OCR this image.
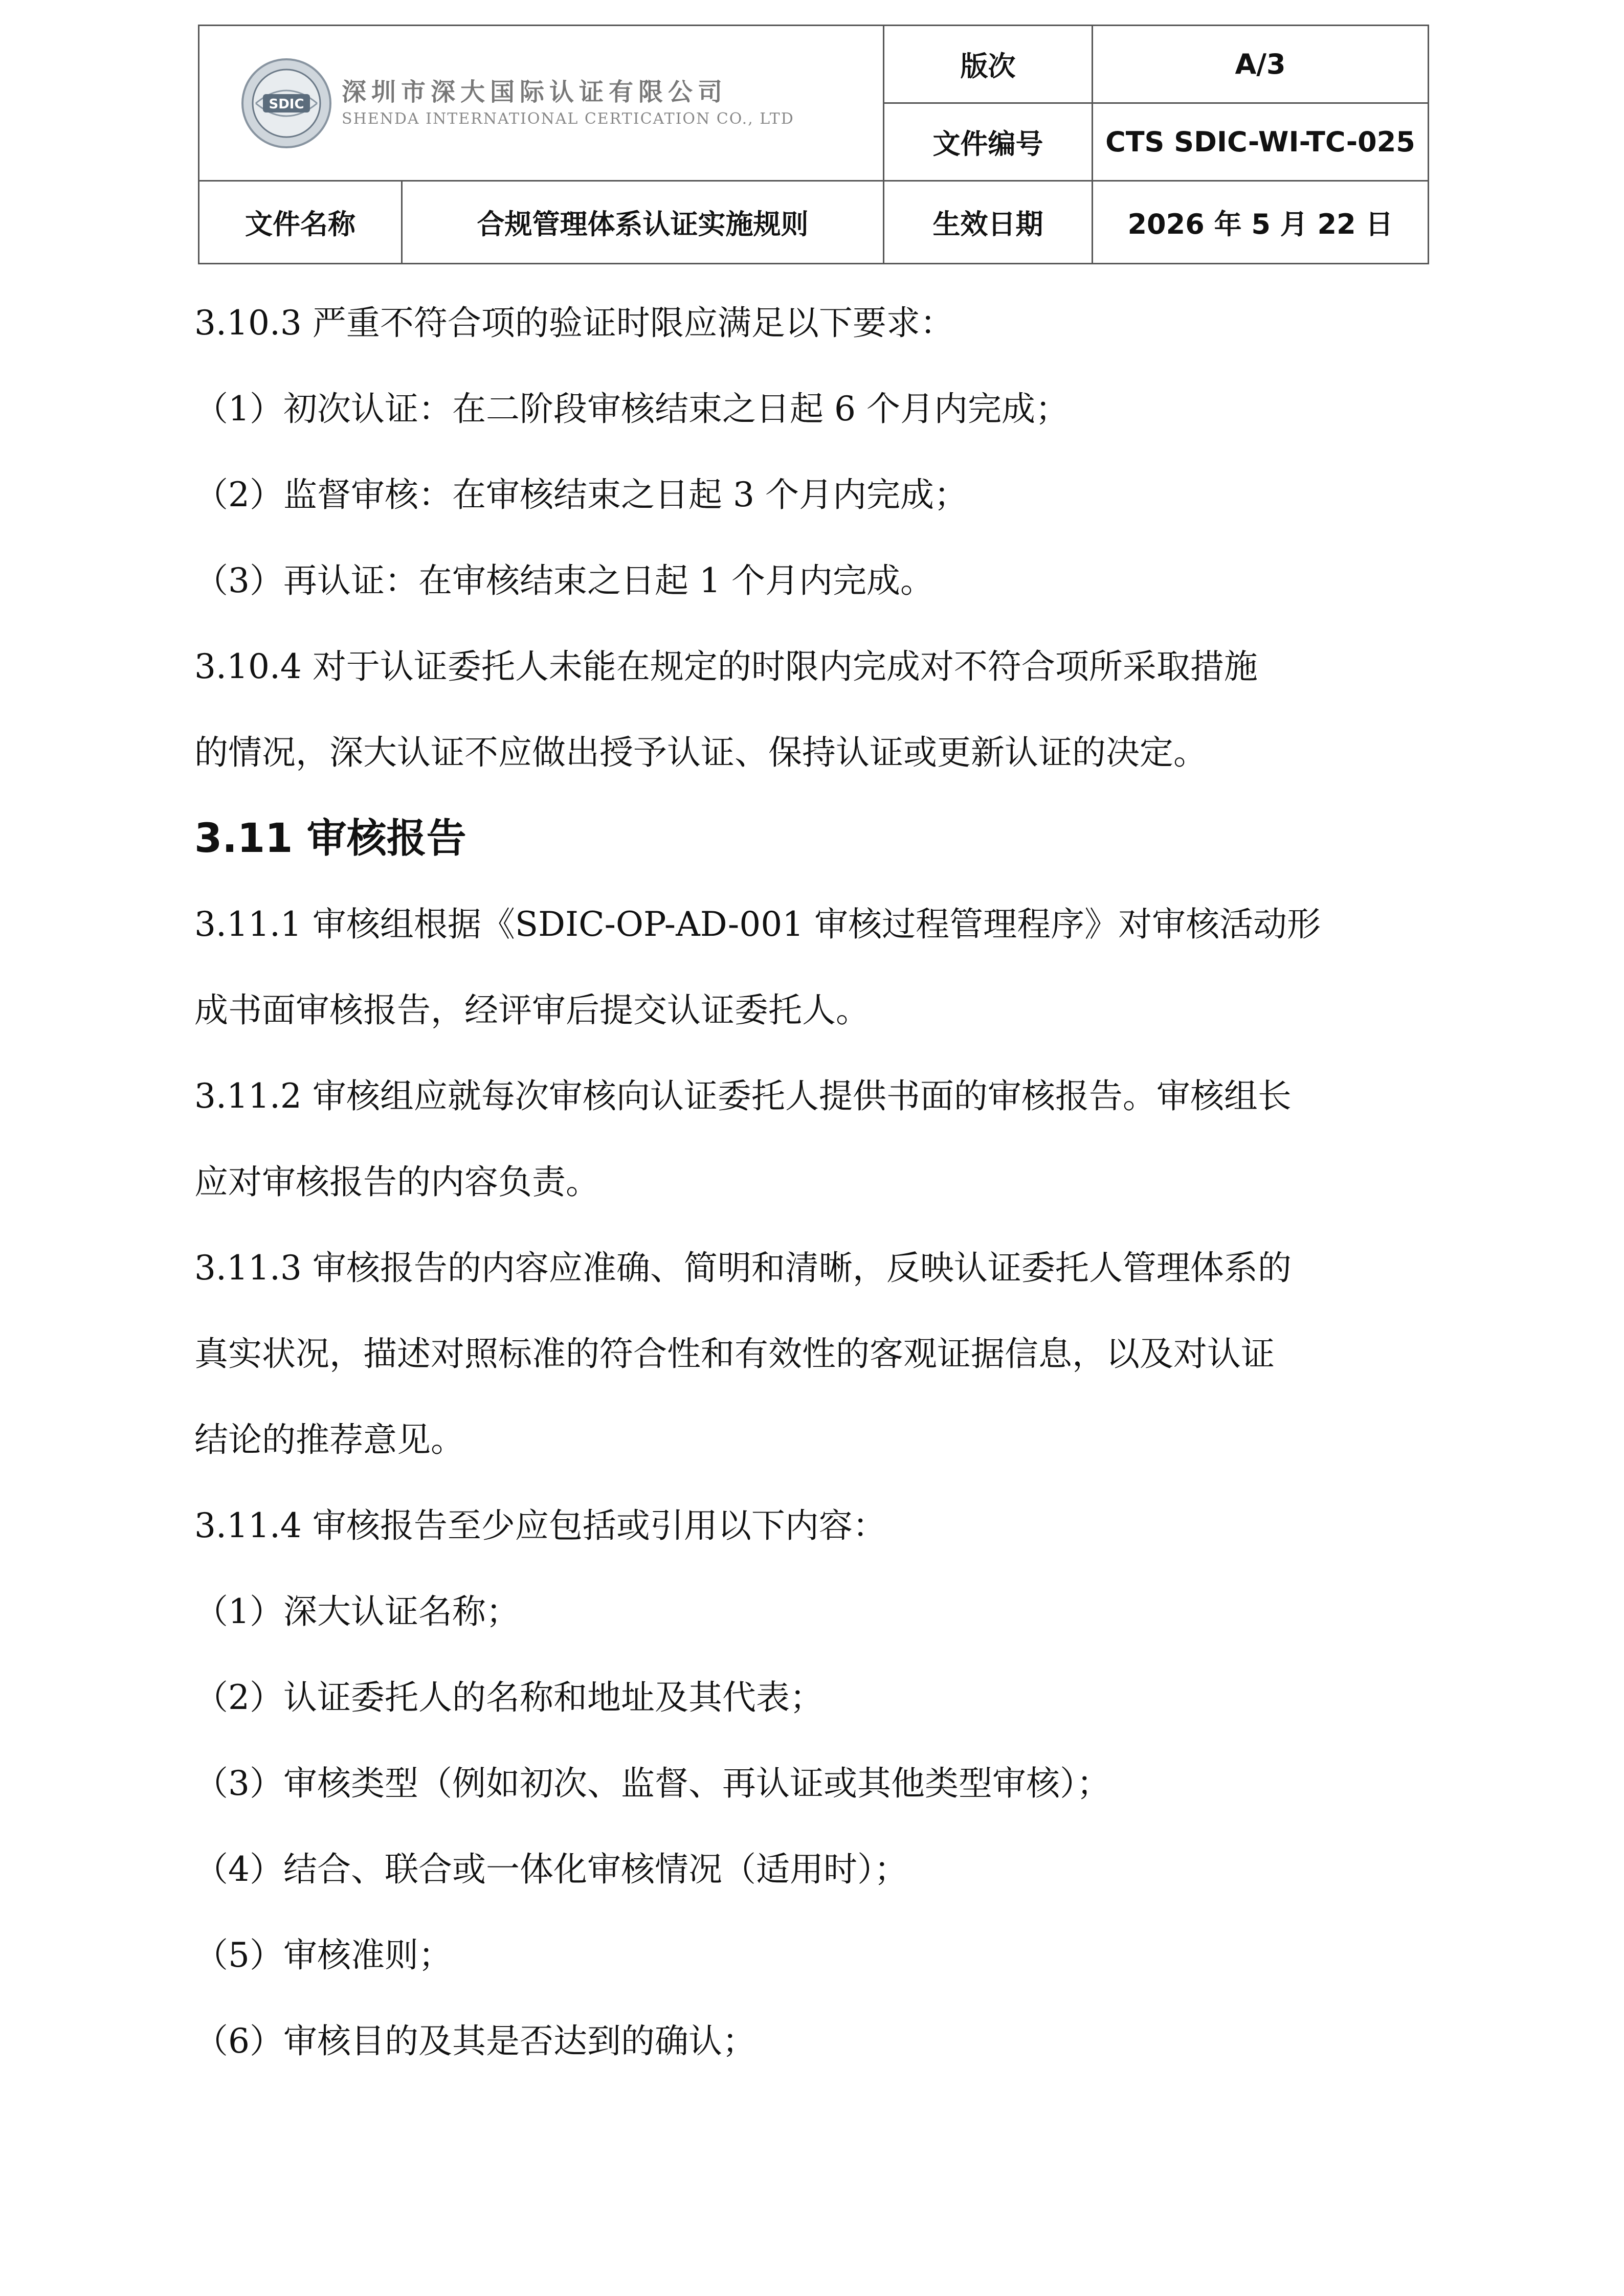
SDIC 深圳市深大国际认证有限公司
SHENDA INTERNATIONAL CERTICATION CO., LTD		版次	A/3
		文件编号	CTS SDIC-WI-TC-025
文件名称	合规管理体系认证实施规则	生效日期	2026 年 5 月 22 日
3.10.3 严重不符合项的验证时限应满足以下要求：
（1）初次认证：在二阶段审核结束之日起 6 个月内完成；
（2）监督审核：在审核结束之日起 3 个月内完成；
（3）再认证：在审核结束之日起 1 个月内完成。
3.10.4 对于认证委托人未能在规定的时限内完成对不符合项所采取措施
的情况，深大认证不应做出授予认证、保持认证或更新认证的决定。
3.11 审核报告
3.11.1 审核组根据《SDIC-OP-AD-001 审核过程管理程序》对审核活动形
成书面审核报告，经评审后提交认证委托人。
3.11.2 审核组应就每次审核向认证委托人提供书面的审核报告。审核组长
应对审核报告的内容负责。
3.11.3 审核报告的内容应准确、简明和清晰，反映认证委托人管理体系的
真实状况，描述对照标准的符合性和有效性的客观证据信息，以及对认证
结论的推荐意见。
3.11.4 审核报告至少应包括或引用以下内容：
（1）深大认证名称；
（2）认证委托人的名称和地址及其代表；
（3）审核类型（例如初次、监督、再认证或其他类型审核）；
（4）结合、联合或一体化审核情况（适用时）；
（5）审核准则；
（6）审核目的及其是否达到的确认；
